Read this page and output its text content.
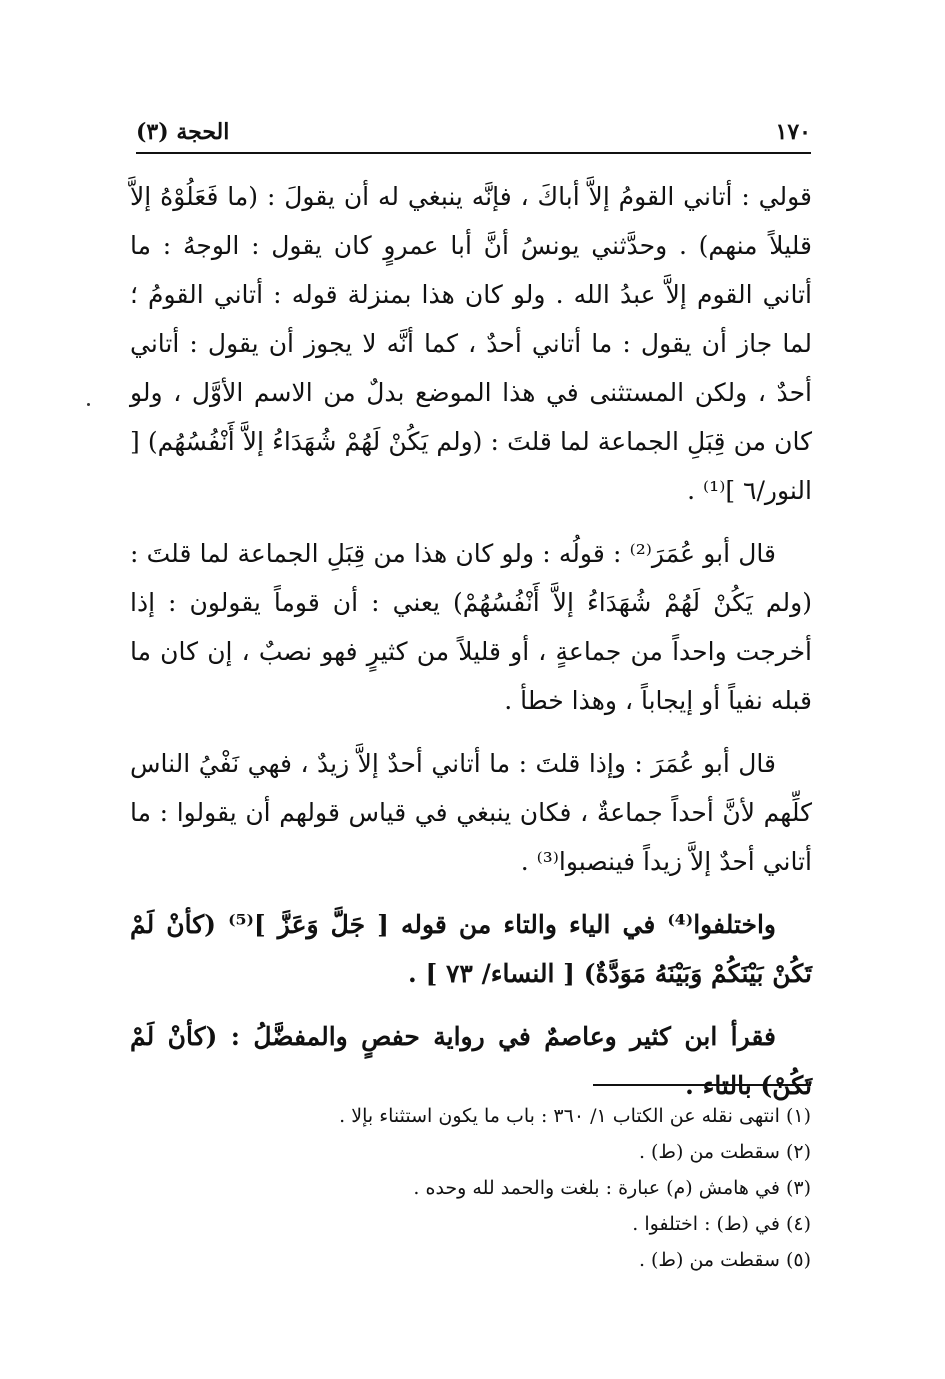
١٧٠
الحجة (٣)

قولي : أتاني القومُ إلاَّ أباكَ ، فإنَّه ينبغي له أن يقولَ : (ما فَعَلُوْهُ إلاَّ قليلاً منهم) . وحدَّثني يونسُ أنَّ أبا عمروٍ كان يقول : الوجهُ : ما أتاني القوم إلاَّ عبدُ الله . ولو كان هذا بمنزلة قوله : أتاني القومُ ؛ لما جاز أن يقول : ما أتاني أحدٌ ، كما أنَّه لا يجوز أن يقول : أتاني أحدٌ ، ولكن المستثنى في هذا الموضع بدلٌ من الاسم الأوَّل ، ولو كان من قِبَلِ الجماعة لما قلتَ : (ولم يَكُنْ لَهُمْ شُهَدَاءُ إلاَّ أَنْفُسُهُم) [ النور/٦ ]⁽¹⁾ .

قال أبو عُمَرَ⁽²⁾ : قولُه : ولو كان هذا من قِبَلِ الجماعة لما قلتَ : (ولم يَكُنْ لَهُمْ شُهَدَاءُ إلاَّ أَنْفُسُهُمْ) يعني : أن قوماً يقولون : إذا أخرجت واحداً من جماعةٍ ، أو قليلاً من كثيرٍ فهو نصبٌ ، إن كان ما قبله نفياً أو إيجاباً ، وهذا خطأ .

قال أبو عُمَرَ : وإذا قلتَ : ما أتاني أحدٌ إلاَّ زيدٌ ، فهي نَفْيُ الناس كلِّهم لأنَّ أحداً جماعةٌ ، فكان ينبغي في قياس قولهم أن يقولوا : ما أتاني أحدٌ إلاَّ زيداً فينصبوا⁽³⁾ .

واختلفوا⁽⁴⁾ في الياء والتاء من قوله [ جَلَّ وَعَزَّ ]⁽⁵⁾ (كأنْ لَمْ تَكُنْ بَيْنَكُمْ وَبَيْنَهُ مَوَدَّةٌ) [ النساء/ ٧٣ ] .

فقرأ ابن كثير وعاصمٌ في رواية حفصٍ والمفضَّلُ : (كأنْ لَمْ تَكُنْ) بالتاء .

(١) انتهى نقله عن الكتاب ١/ ٣٦٠ : باب ما يكون استثناء بإلا .

(٢) سقطت من (ط) .

(٣) في هامش (م) عبارة : بلغت والحمد لله وحده .

(٤) في (ط) : اختلفوا .

(٥) سقطت من (ط) .
